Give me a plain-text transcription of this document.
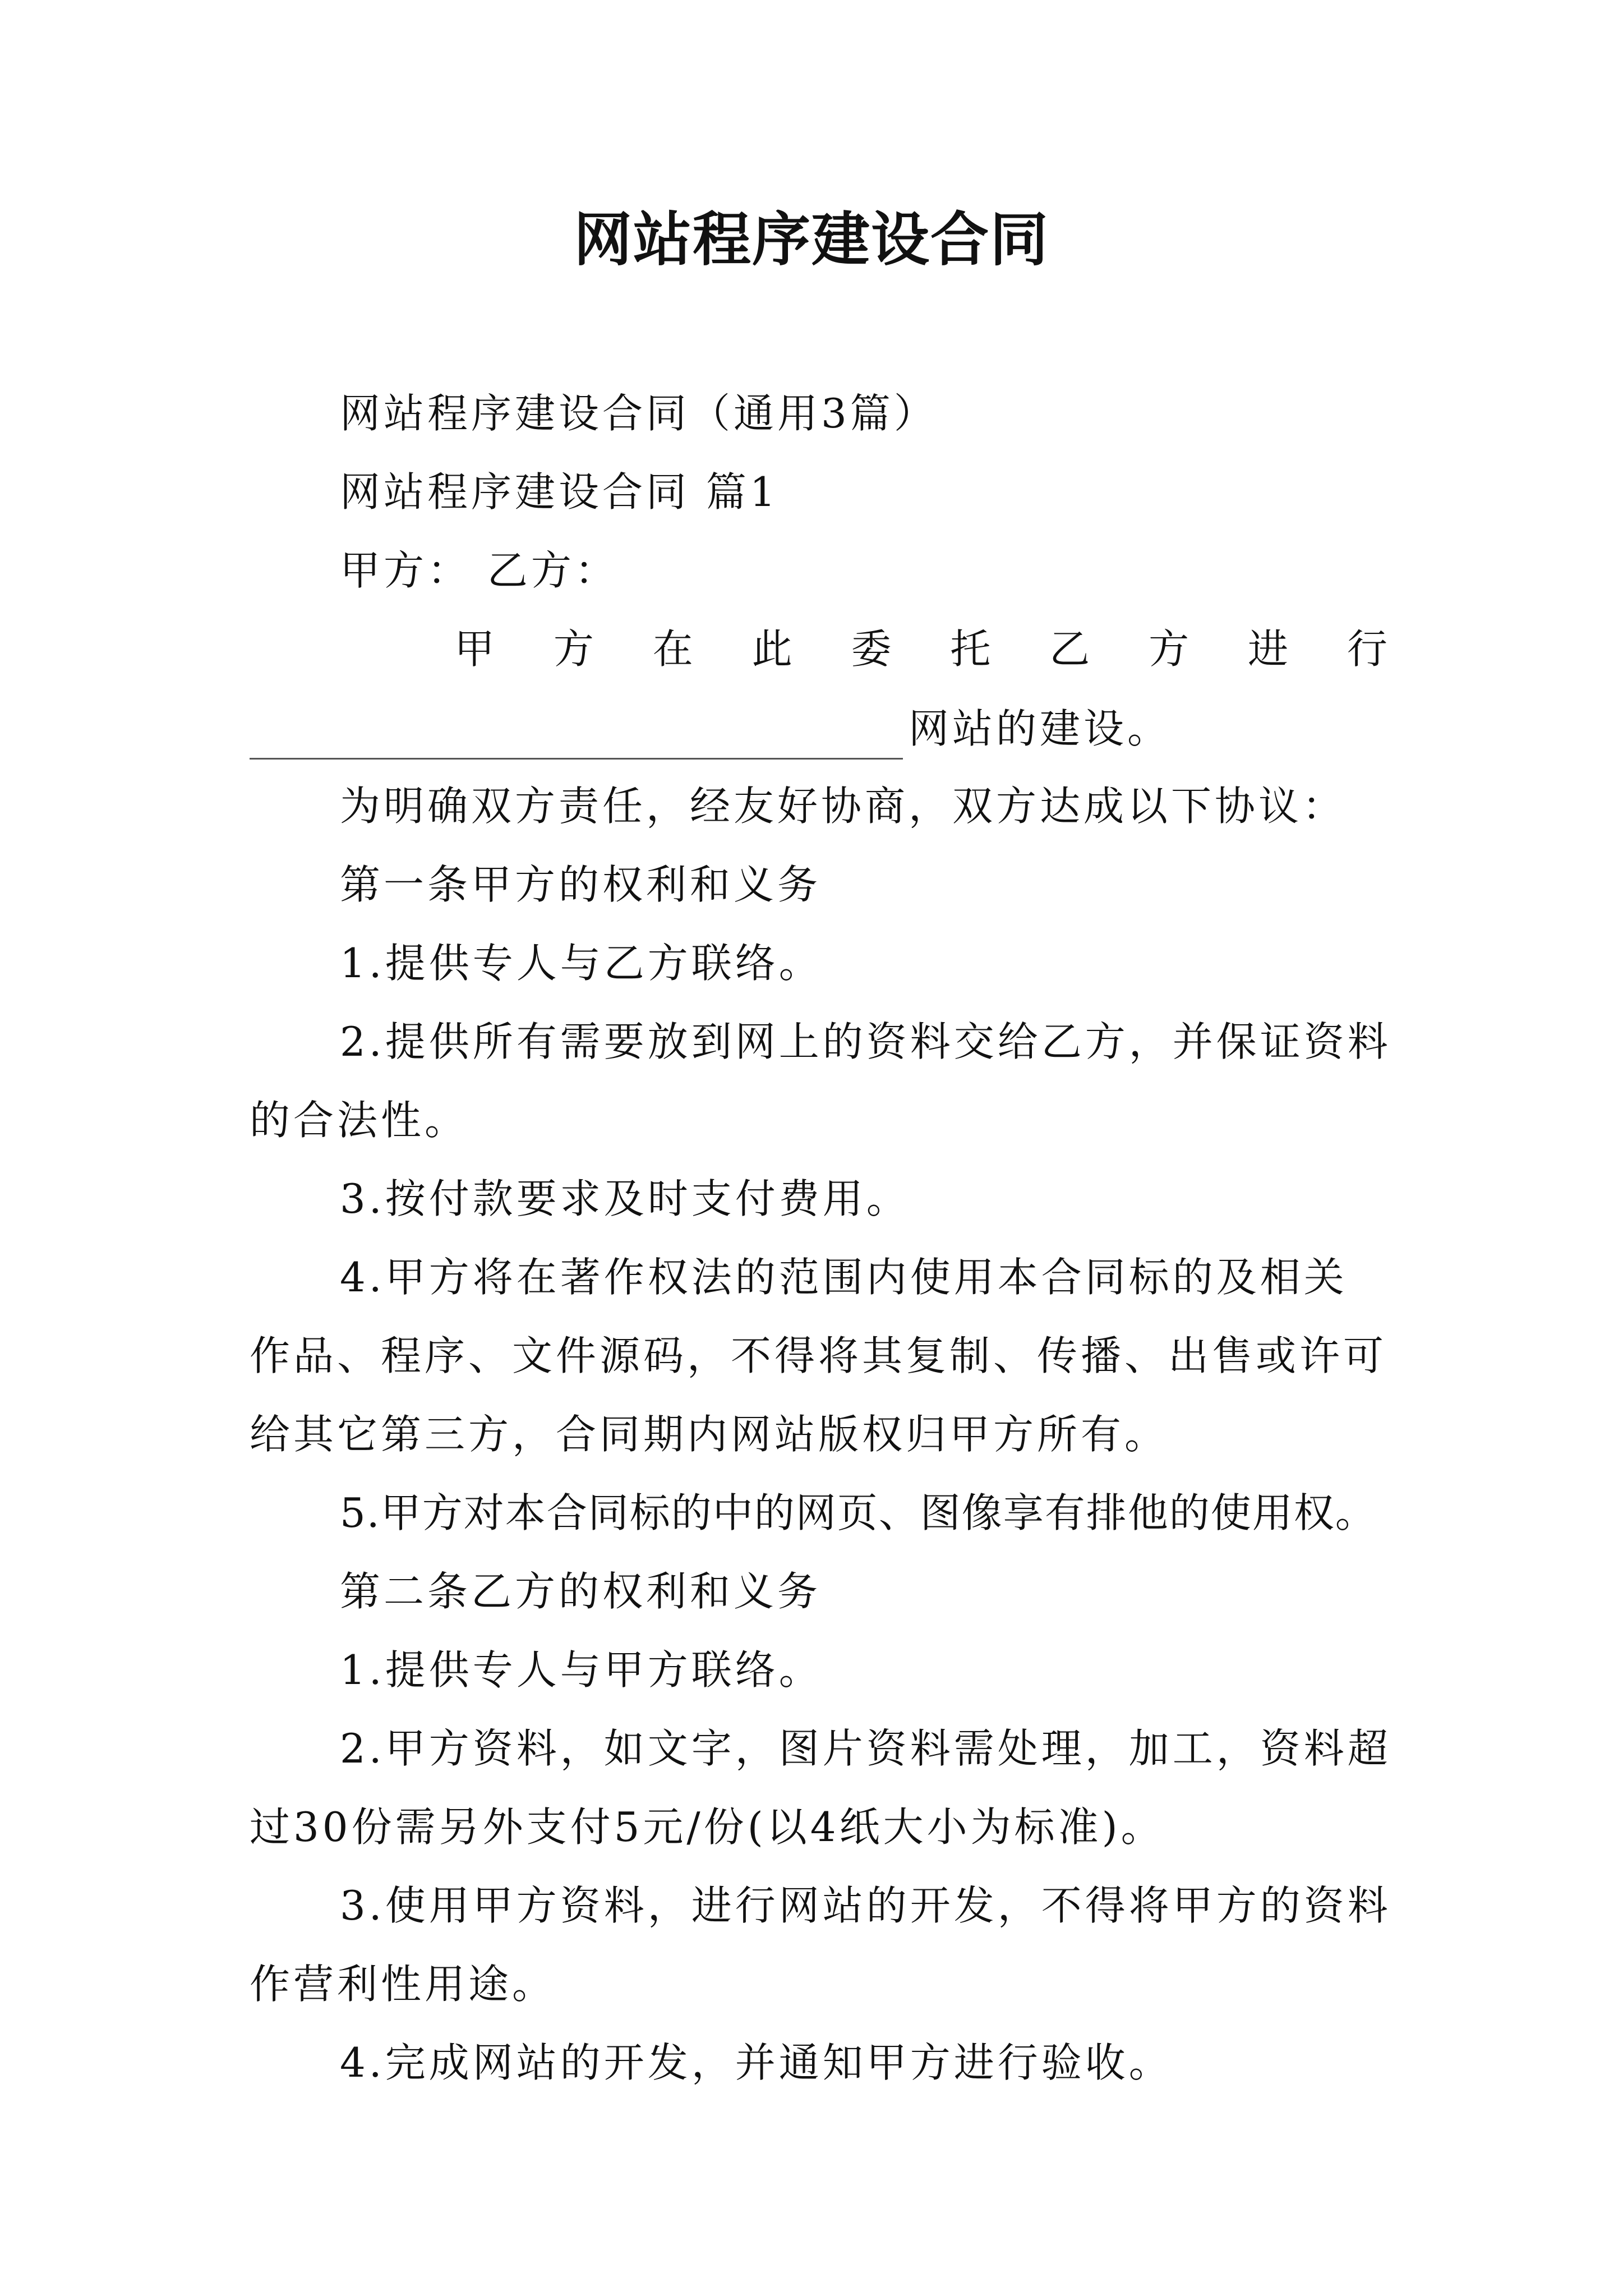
网站程序建设合同
网站程序建设合同（通用3篇）
网站程序建设合同 篇1
甲方： 乙方：
甲 方 在 此 委 托 乙 方 进 行
网站的建设。
为明确双方责任，经友好协商，双方达成以下协议：
第一条甲方的权利和义务
1.提供专人与乙方联络。
2.提供所有需要放到网上的资料交给乙方，并保证资料
的合法性。
3.按付款要求及时支付费用。
4.甲方将在著作权法的范围内使用本合同标的及相关
作品、程序、文件源码，不得将其复制、传播、出售或许可
给其它第三方，合同期内网站版权归甲方所有。
5.甲方对本合同标的中的网页、图像享有排他的使用权。
第二条乙方的权利和义务
1.提供专人与甲方联络。
2.甲方资料，如文字，图片资料需处理，加工，资料超
过30份需另外支付5元/份(以4纸大小为标准)。
3.使用甲方资料，进行网站的开发，不得将甲方的资料
作营利性用途。
4.完成网站的开发，并通知甲方进行验收。
